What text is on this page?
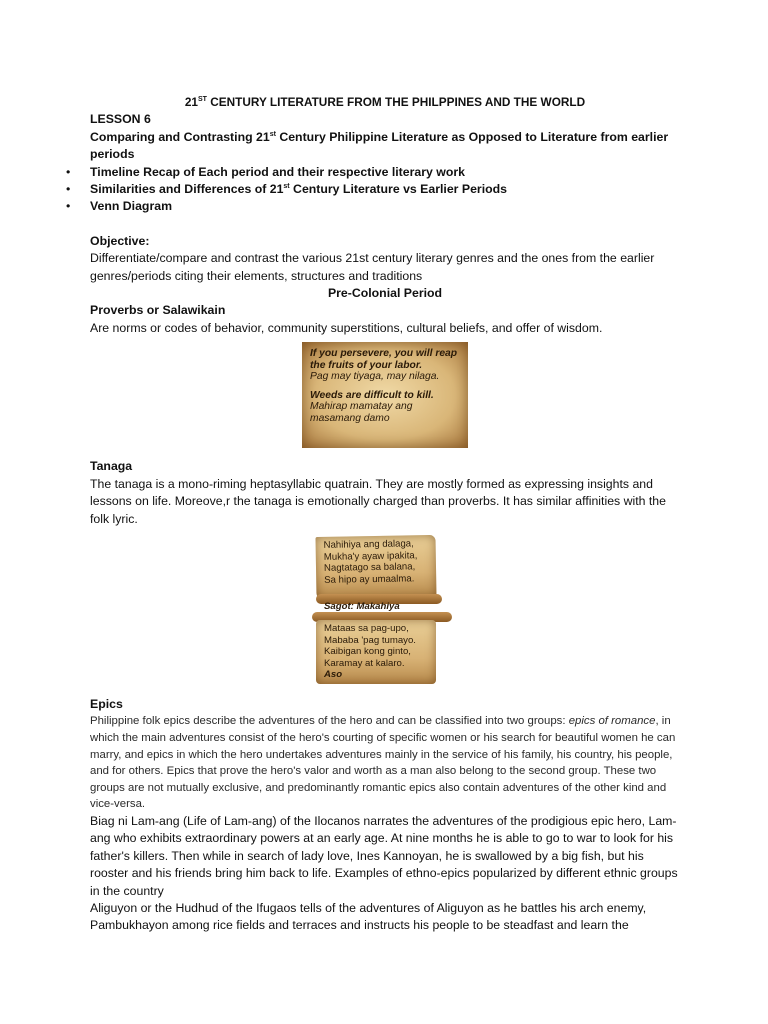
21ST CENTURY LITERATURE FROM THE PHILPPINES AND THE WORLD
LESSON 6
Comparing and Contrasting 21st Century Philippine Literature as Opposed to Literature from earlier periods
• Timeline Recap of Each period and their respective literary work
• Similarities and Differences of 21st Century Literature vs Earlier Periods
• Venn Diagram
Objective:
Differentiate/compare and contrast the various 21st century literary genres and the ones from the earlier genres/periods citing their elements, structures and traditions
Pre-Colonial Period
Proverbs or Salawikain
Are norms or codes of behavior, community superstitions, cultural beliefs, and offer of wisdom.
If you persevere, you will reap the fruits of your labor.
Pag may tiyaga, may nilaga.
Weeds are difficult to kill.
Mahirap mamatay ang masamang damo
Tanaga
The tanaga is a mono-riming heptasyllabic quatrain. They are mostly formed as expressing insights and lessons on life. Moreove,r the tanaga is emotionally charged than proverbs. It has similar affinities with the folk lyric.
Nahihiya ang dalaga,
Mukha'y ayaw ipakita,
Nagtatago sa balana,
Sa hipo ay umaalma.
Sagot: Makahiya
Mataas sa pag-upo,
Mababa 'pag tumayo.
Kaibigan kong ginto,
Karamay at kalaro.
Aso
Epics
Philippine folk epics describe the adventures of the hero and can be classified into two groups: epics of romance, in which the main adventures consist of the hero's courting of specific women or his search for beautiful women he can marry, and epics in which the hero undertakes adventures mainly in the service of his family, his country, his people, and for others. Epics that prove the hero's valor and worth as a man also belong to the second group. These two groups are not mutually exclusive, and predominantly romantic epics also contain adventures of the other kind and vice-versa.
Biag ni Lam-ang (Life of Lam-ang) of the Ilocanos narrates the adventures of the prodigious epic hero, Lam-ang who exhibits extraordinary powers at an early age. At nine months he is able to go to war to look for his father's killers. Then while in search of lady love, Ines Kannoyan, he is swallowed by a big fish, but his rooster and his friends bring him back to life. Examples of ethno-epics popularized by different ethnic groups in the country
Aliguyon or the Hudhud of the Ifugaos tells of the adventures of Aliguyon as he battles his arch enemy, Pambukhayon among rice fields and terraces and instructs his people to be steadfast and learn the
